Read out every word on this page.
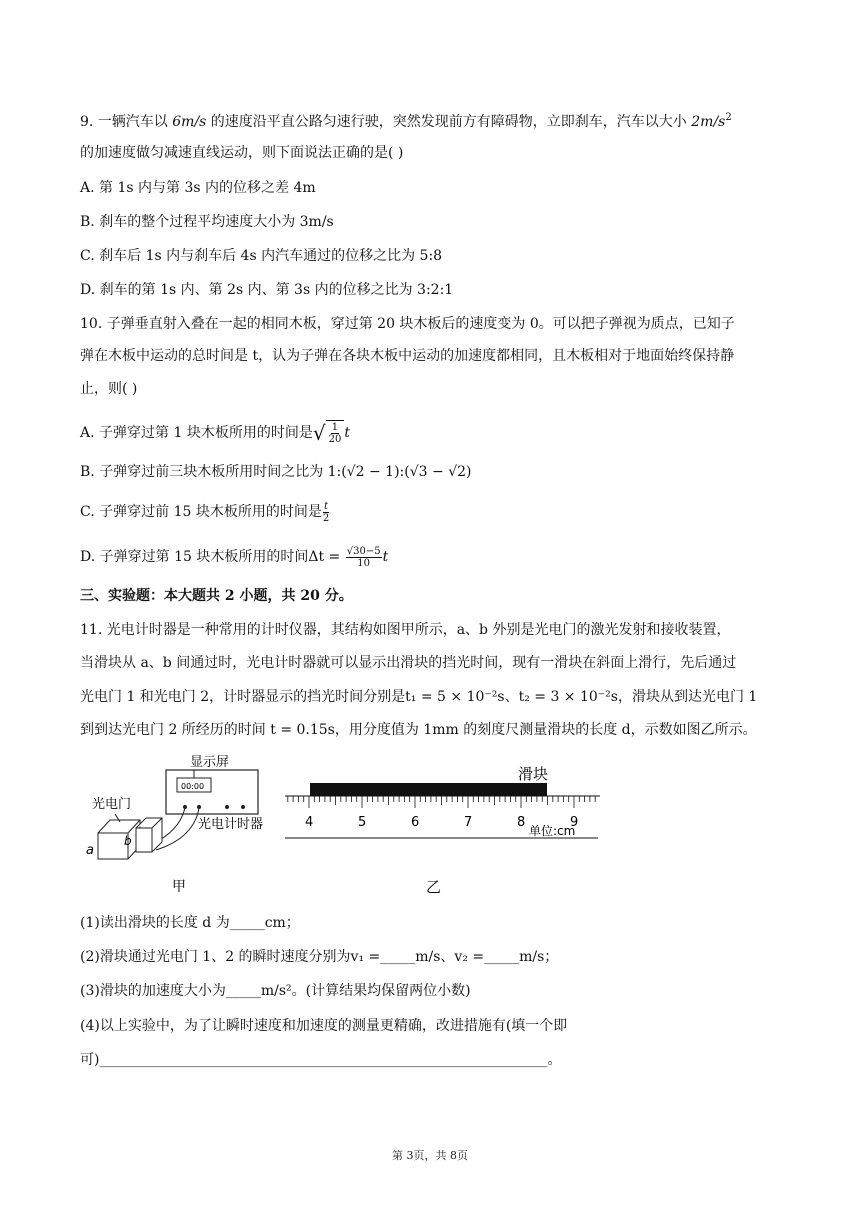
9. 一辆汽车以 6m/s 的速度沿平直公路匀速行驶，突然发现前方有障碍物，立即刹车，汽车以大小 $2m/s^2$
的加速度做匀减速直线运动，则下面说法正确的是( )
A. 第 1s 内与第 3s 内的位移之差 4m
B. 刹车的整个过程平均速度大小为 3m/s
C. 刹车后 1s 内与刹车后 4s 内汽车通过的位移之比为 5:8
D. 刹车的第 1s 内、第 2s 内、第 3s 内的位移之比为 3:2:1
10. 子弹垂直射入叠在一起的相同木板，穿过第 20 块木板后的速度变为 0。可以把子弹视为质点，已知子
弹在木板中运动的总时间是 t，认为子弹在各块木板中运动的加速度都相同，且木板相对于地面始终保持静
止，则( )
A. 子弹穿过第 1 块木板所用的时间是√ $\frac{1}{20}$ t
B. 子弹穿过前三块木板所用时间之比为 1:(√2 − 1):(√3 − √2)
C. 子弹穿过前 15 块木板所用的时间是 $\frac{t}{2}$
D. 子弹穿过第 15 块木板所用的时间$\Delta t = \frac{√30-5}{10}$ t
三、实验题：本大题共 2 小题，共 20 分。
11. 光电计时器是一种常用的计时仪器，其结构如图甲所示，a、b 外别是光电门的激光发射和接收装置，
当滑块从 a、b 间通过时，光电计时器就可以显示出滑块的挡光时间，现有一滑块在斜面上滑行，先后通过
光电门 1 和光电门 2，计时器显示的挡光时间分别是t₁ = 5 × 10⁻²s、t₂ = 3 × 10⁻²s，滑块从到达光电门 1
到到达光电门 2 所经历的时间 t = 0.15s，用分度值为 1mm 的刻度尺测量滑块的长度 d，示数如图乙所示。
显示屏
00:00
光电计时器
光电门
a
b
甲
滑块
4	5	6	7	8	9
单位:cm
乙
(1)读出滑块的长度 d 为_____cm；
(2)滑块通过光电门 1、2 的瞬时速度分别为v₁ =_____m/s、v₂ =_____m/s；
(3)滑块的加速度大小为_____m/s²。(计算结果均保留两位小数)
(4)以上实验中，为了让瞬时速度和加速度的测量更精确，改进措施有(填一个即
可)________________________________________________________________。
第 3页，共 8页
